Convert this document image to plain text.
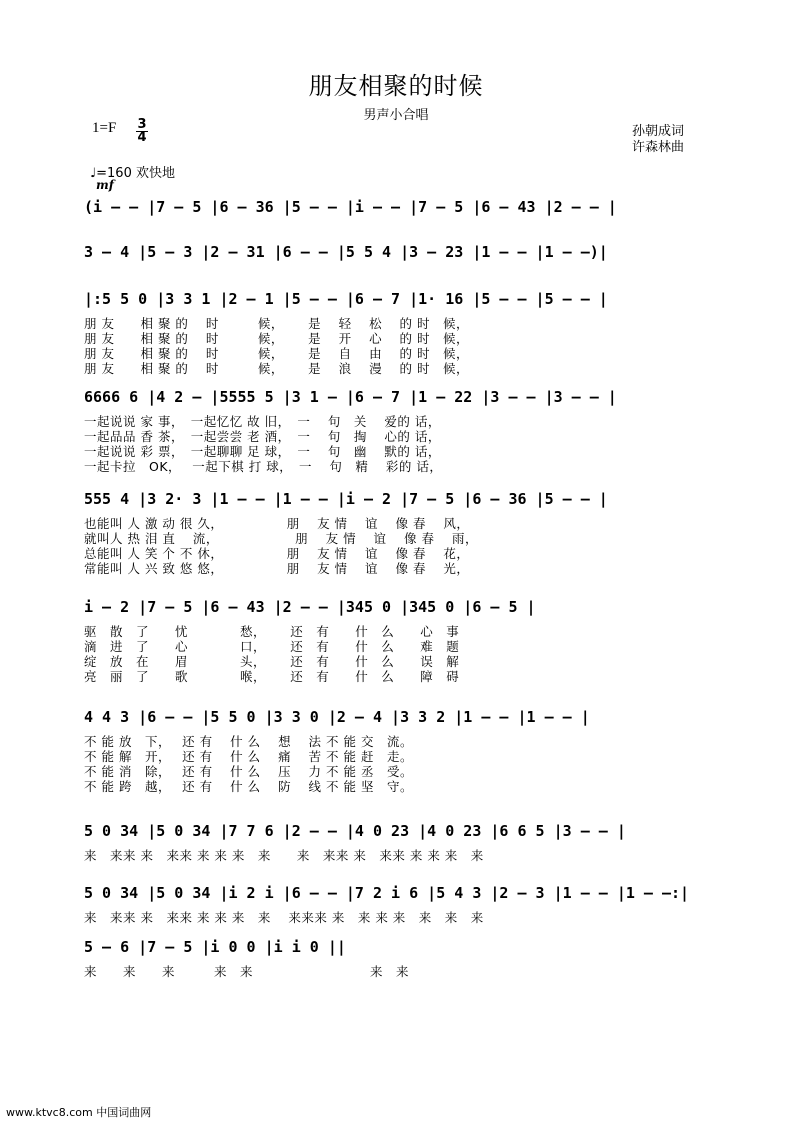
朋友相聚的时候
男声小合唱
$1=F \frac{3}{4}$	孙朝成词
许森林曲
♩=160 欢快地
mf
(i – – |7 – 5 |6 – 36 |5 – – |i – – |7 – 5 |6 – 43 |2 – – |
3 – 4 |5 – 3 |2 – 31 |6 – – |5 5 4 |3 – 23 |1 – – |1 – –)|
|:5 5 0 |3 3 1 |2 – 1 |5 – – |6 – 7 |1· 16 |5 – – |5 – – |
朋 友　　相 聚 的　 时　　　候，　　 是　 轻　 松　 的 时　候，
朋 友　　相 聚 的　 时　　　候，　　 是　 开　 心　 的 时　候，
朋 友　　相 聚 的　 时　　　候，　　 是　 自　 由　 的 时　候，
朋 友　　相 聚 的　 时　　　候，　　 是　 浪　 漫　 的 时　候，
6666 6 |4 2 – |5555 5 |3 1 – |6 – 7 |1 – 22 |3 – – |3 – – |
一起说说 家 事，　一起忆忆 故 旧，　一　 句　关　 爱的 话，
一起品品 香 茶，　一起尝尝 老 酒，　一　 句　掏　 心的 话，
一起说说 彩 票，　一起聊聊 足 球，　一　 句　幽　 默的 话，
一起卡拉　OK，　 一起下棋 打 球，　一　 句　精　 彩的 话，
555 4 |3 2· 3 |1 – – |1 – – |i – 2 |7 – 5 |6 – 36 |5 – – |
也能叫 人 激 动 很 久，　　　　　 朋　 友 情　 谊　 像 春　 风，
就叫人 热 泪 直　 流，　　　　　　 朋　 友 情　 谊　 像 春　 雨，
总能叫 人 笑 个 不 休，　　　　　 朋　 友 情　 谊　 像 春　 花，
常能叫 人 兴 致 悠 悠，　　　　　 朋　 友 情　 谊　 像 春　 光，
i – 2 |7 – 5 |6 – 43 |2 – – |345 0 |345 0 |6 – 5 |
驱　散　了　　忧　　　　愁，　　 还　有　　什　么　　心　事
滴　进　了　　心　　　　口，　　 还　有　　什　么　　难　题
绽　放　在　　眉　　　　头，　　 还　有　　什　么　　误　解
亮　丽　了　　歌　　　　喉，　　 还　有　　什　么　　障　碍
4 4 3 |6 – – |5 5 0 |3 3 0 |2 – 4 |3 3 2 |1 – – |1 – – |
不 能 放　下，　 还 有　 什 么　 想　 法 不 能 交　流。
不 能 解　开，　 还 有　 什 么　 痛　 苦 不 能 赶　走。
不 能 消　除，　 还 有　 什 么　 压　 力 不 能 丞　受。
不 能 跨　越，　 还 有　 什 么　 防　 线 不 能 坚　守。
5 0 34 |5 0 34 |7 7 6 |2 – – |4 0 23 |4 0 23 |6 6 5 |3 – – |
来　来来 来　来来 来 来 来　来　　来　来来 来　来来 来 来 来　来
5 0 34 |5 0 34 |i 2 i |6 – – |7 2 i 6 |5 4 3 |2 – 3 |1 – – |1 – –:|
来　来来 来　来来 来 来 来　来　 来来来 来　来 来 来　来　来　来
5 – 6 |7 – 5 |i 0 0 |i i 0 ||
来　　来　　来　　　来　来　　　　　　　　　来　来
www.ktvc8.com 中国词曲网
